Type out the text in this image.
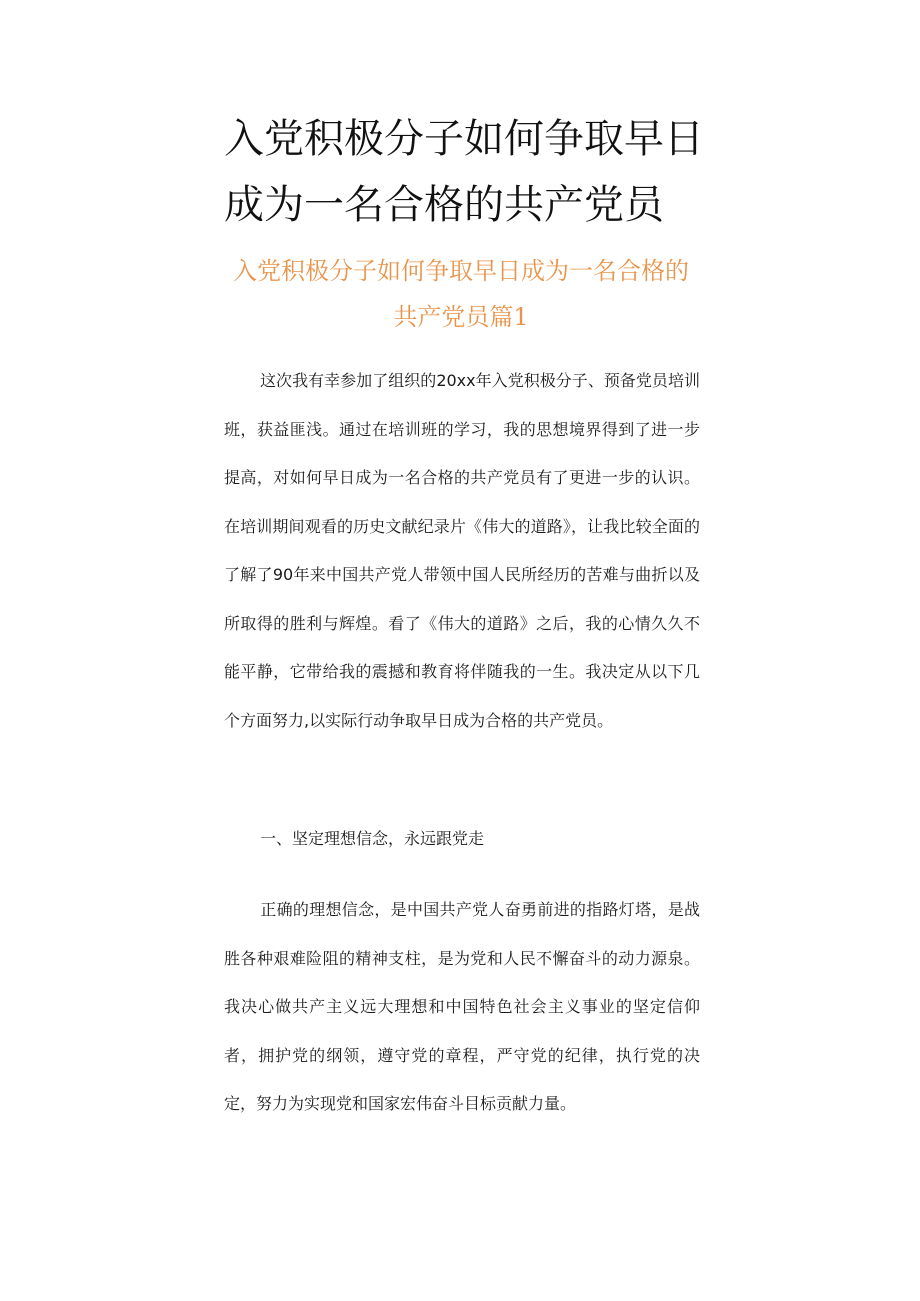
入党积极分子如何争取早日成为一名合格的共产党员
入党积极分子如何争取早日成为一名合格的共产党员篇1

这次我有幸参加了组织的20xx年入党积极分子、预备党员培训班，获益匪浅。通过在培训班的学习，我的思想境界得到了进一步提高，对如何早日成为一名合格的共产党员有了更进一步的认识。在培训期间观看的历史文献纪录片《伟大的道路》，让我比较全面的了解了90年来中国共产党人带领中国人民所经历的苦难与曲折以及所取得的胜利与辉煌。看了《伟大的道路》之后，我的心情久久不能平静，它带给我的震撼和教育将伴随我的一生。我决定从以下几个方面努力,以实际行动争取早日成为合格的共产党员。

一、坚定理想信念，永远跟党走

正确的理想信念，是中国共产党人奋勇前进的指路灯塔，是战胜各种艰难险阻的精神支柱，是为党和人民不懈奋斗的动力源泉。我决心做共产主义远大理想和中国特色社会主义事业的坚定信仰者，拥护党的纲领，遵守党的章程，严守党的纪律，执行党的决定，努力为实现党和国家宏伟奋斗目标贡献力量。
